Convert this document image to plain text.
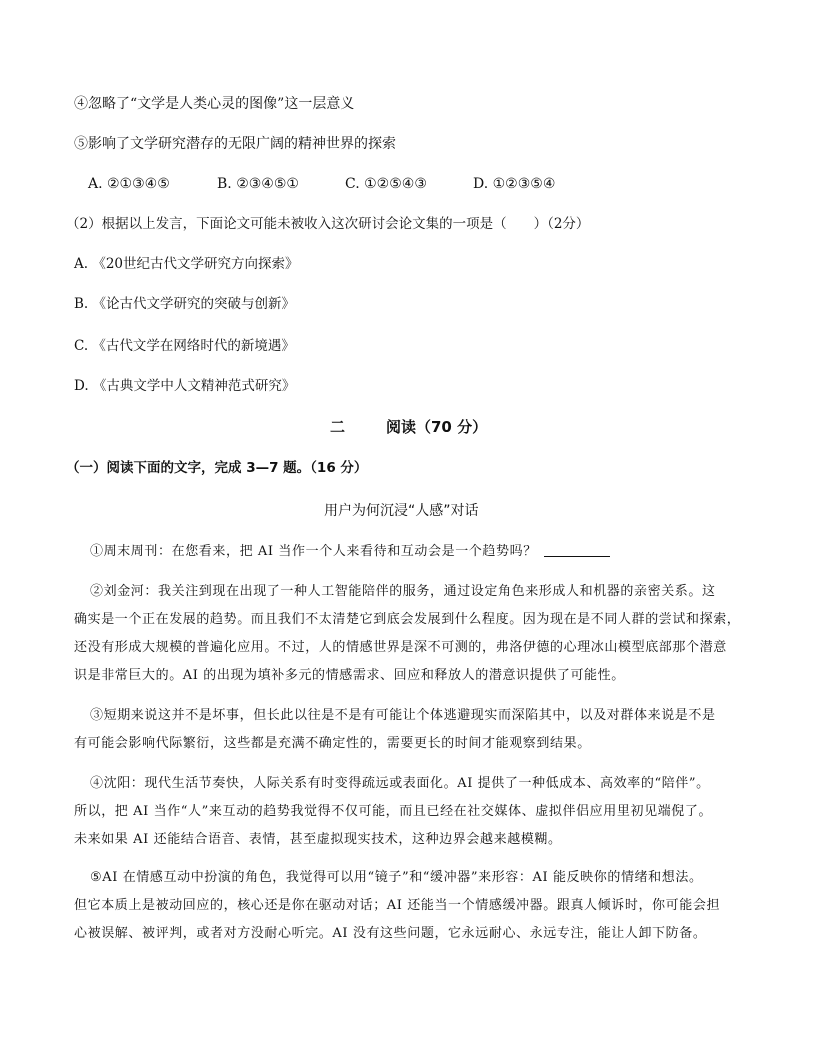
④忽略了“文学是人类心灵的图像”这一层意义
⑤影响了文学研究潜存的无限广阔的精神世界的探索
A. ②①③④⑤	B. ②③④⑤①	C. ①②⑤④③	D. ①②③⑤④
（2）根据以上发言，下面论文可能未被收入这次研讨会论文集的一项是（　　）（2分）
A. 《20世纪古代文学研究方向探索》
B. 《论古代文学研究的突破与创新》
C. 《古代文学在网络时代的新境遇》
D. 《古典文学中人文精神范式研究》
二	阅读（70 分）
（一）阅读下面的文字，完成 3—7 题。（16 分）
用户为何沉浸“人感”对话
①周末周刊：在您看来，把 AI 当作一个人来看待和互动会是一个趋势吗？
②刘金河：我关注到现在出现了一种人工智能陪伴的服务，通过设定角色来形成人和机器的亲密关系。这
确实是一个正在发展的趋势。而且我们不太清楚它到底会发展到什么程度。因为现在是不同人群的尝试和探索，
还没有形成大规模的普遍化应用。不过，人的情感世界是深不可测的，弗洛伊德的心理冰山模型底部那个潜意
识是非常巨大的。AI 的出现为填补多元的情感需求、回应和释放人的潜意识提供了可能性。
③短期来说这并不是坏事，但长此以往是不是有可能让个体逃避现实而深陷其中，以及对群体来说是不是
有可能会影响代际繁衍，这些都是充满不确定性的，需要更长的时间才能观察到结果。
④沈阳：现代生活节奏快，人际关系有时变得疏远或表面化。AI 提供了一种低成本、高效率的“陪伴”。
所以，把 AI 当作“人”来互动的趋势我觉得不仅可能，而且已经在社交媒体、虚拟伴侣应用里初见端倪了。
未来如果 AI 还能结合语音、表情，甚至虚拟现实技术，这种边界会越来越模糊。
⑤AI 在情感互动中扮演的角色，我觉得可以用“镜子”和“缓冲器”来形容：AI 能反映你的情绪和想法。
但它本质上是被动回应的，核心还是你在驱动对话；AI 还能当一个情感缓冲器。跟真人倾诉时，你可能会担
心被误解、被评判，或者对方没耐心听完。AI 没有这些问题，它永远耐心、永远专注，能让人卸下防备。
